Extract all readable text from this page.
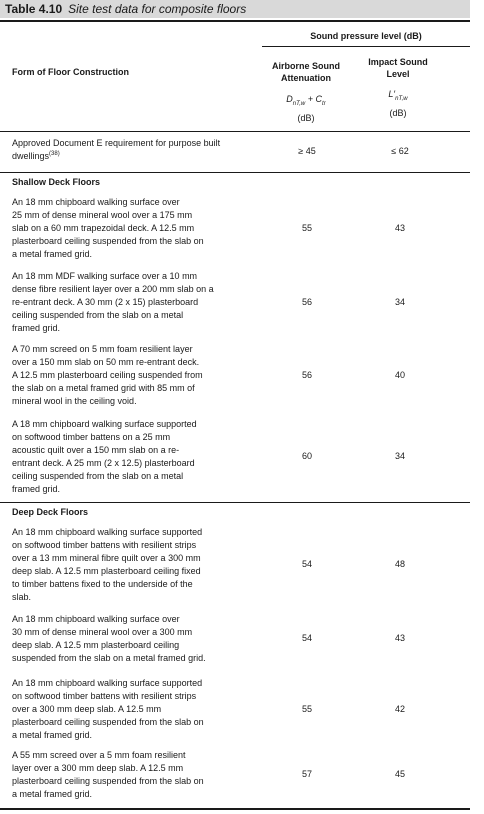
Table 4.10 Site test data for composite floors
Sound pressure level (dB)
Form of Floor Construction
Airborne Sound Attenuation
Impact Sound Level
$D_{nT,w} + C_{tr}$
$L'_{nT,w}$
(dB)	(dB)
Approved Document E requirement for purpose built dwellings$^{(38)}$	≥ 45	≤ 62
Shallow Deck Floors
An 18 mm chipboard walking surface over
25 mm of dense mineral wool over a 175 mm
slab on a 60 mm trapezoidal deck. A 12.5 mm
plasterboard ceiling suspended from the slab on
a metal framed grid.
55	43
An 18 mm MDF walking surface over a 10 mm
dense fibre resilient layer over a 200 mm slab on a
re-entrant deck. A 30 mm (2 x 15) plasterboard
ceiling suspended from the slab on a metal
framed grid.
56	34
A 70 mm screed on 5 mm foam resilient layer
over a 150 mm slab on 50 mm re-entrant deck.
A 12.5 mm plasterboard ceiling suspended from
the slab on a metal framed grid with 85 mm of
mineral wool in the ceiling void.
56	40
A 18 mm chipboard walking surface supported
on softwood timber battens on a 25 mm
acoustic quilt over a 150 mm slab on a re-
entrant deck. A 25 mm (2 x 12.5) plasterboard
ceiling suspended from the slab on a metal
framed grid.
60	34
Deep Deck Floors
An 18 mm chipboard walking surface supported
on softwood timber battens with resilient strips
over a 13 mm mineral fibre quilt over a 300 mm
deep slab. A 12.5 mm plasterboard ceiling fixed
to timber battens fixed to the underside of the
slab.
54	48
An 18 mm chipboard walking surface over
30 mm of dense mineral wool over a 300 mm
deep slab. A 12.5 mm plasterboard ceiling
suspended from the slab on a metal framed grid.
54	43
An 18 mm chipboard walking surface supported
on softwood timber battens with resilient strips
over a 300 mm deep slab. A 12.5 mm
plasterboard ceiling suspended from the slab on
a metal framed grid.
55	42
A 55 mm screed over a 5 mm foam resilient
layer over a 300 mm deep slab. A 12.5 mm
plasterboard ceiling suspended from the slab on
a metal framed grid.
57	45
